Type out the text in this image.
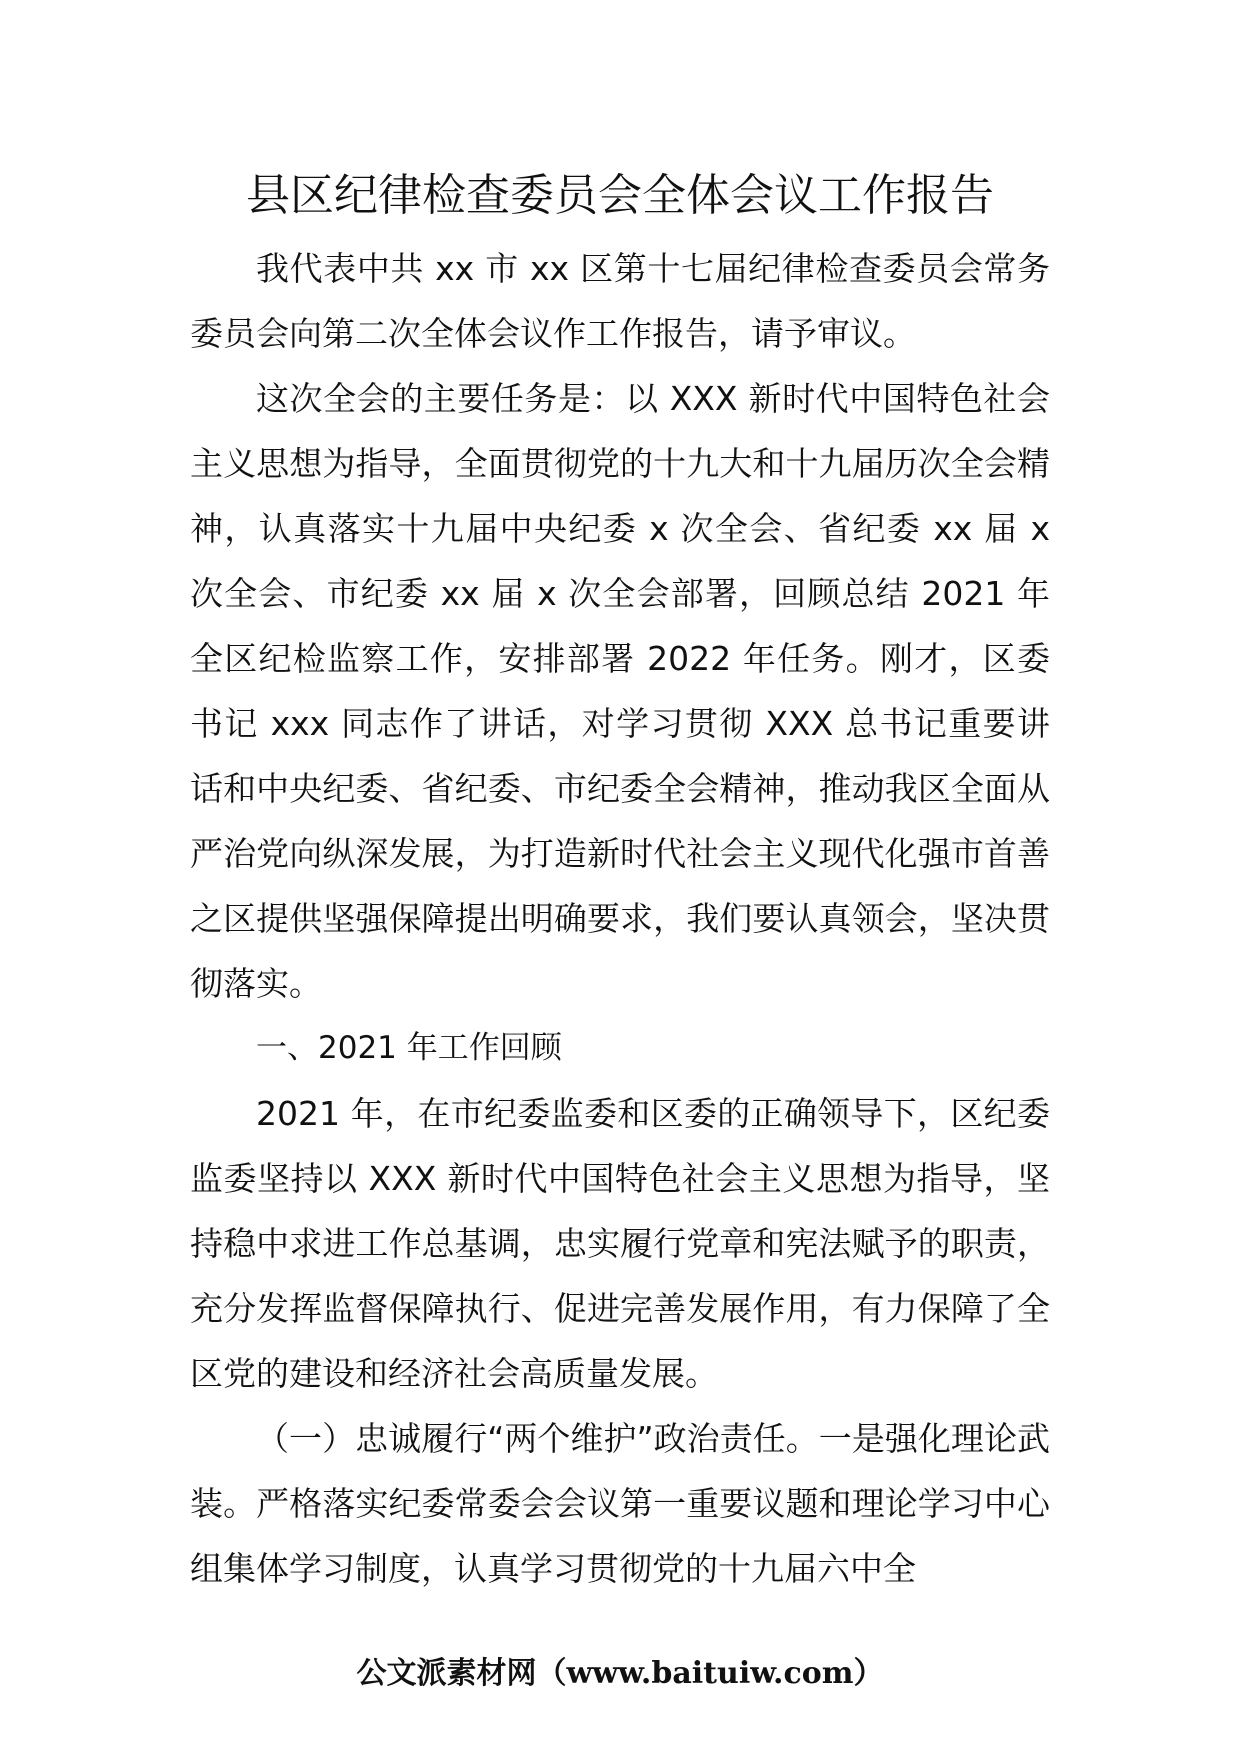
县区纪律检查委员会全体会议工作报告

我代表中共 xx 市 xx 区第十七届纪律检查委员会常务委员会向第二次全体会议作工作报告，请予审议。

这次全会的主要任务是：以 XXX 新时代中国特色社会主义思想为指导，全面贯彻党的十九大和十九届历次全会精神，认真落实十九届中央纪委 x 次全会、省纪委 xx 届 x 次全会、市纪委 xx 届 x 次全会部署，回顾总结 2021 年全区纪检监察工作，安排部署 2022 年任务。刚才，区委书记 xxx 同志作了讲话，对学习贯彻 XXX 总书记重要讲话和中央纪委、省纪委、市纪委全会精神，推动我区全面从严治党向纵深发展，为打造新时代社会主义现代化强市首善之区提供坚强保障提出明确要求，我们要认真领会，坚决贯彻落实。

一、2021 年工作回顾

2021 年，在市纪委监委和区委的正确领导下，区纪委监委坚持以 XXX 新时代中国特色社会主义思想为指导，坚持稳中求进工作总基调，忠实履行党章和宪法赋予的职责，充分发挥监督保障执行、促进完善发展作用，有力保障了全区党的建设和经济社会高质量发展。

（一）忠诚履行“两个维护”政治责任。一是强化理论武装。严格落实纪委常委会会议第一重要议题和理论学习中心组集体学习制度，认真学习贯彻党的十九届六中全

公文派素材网（www.baituiw.com）
